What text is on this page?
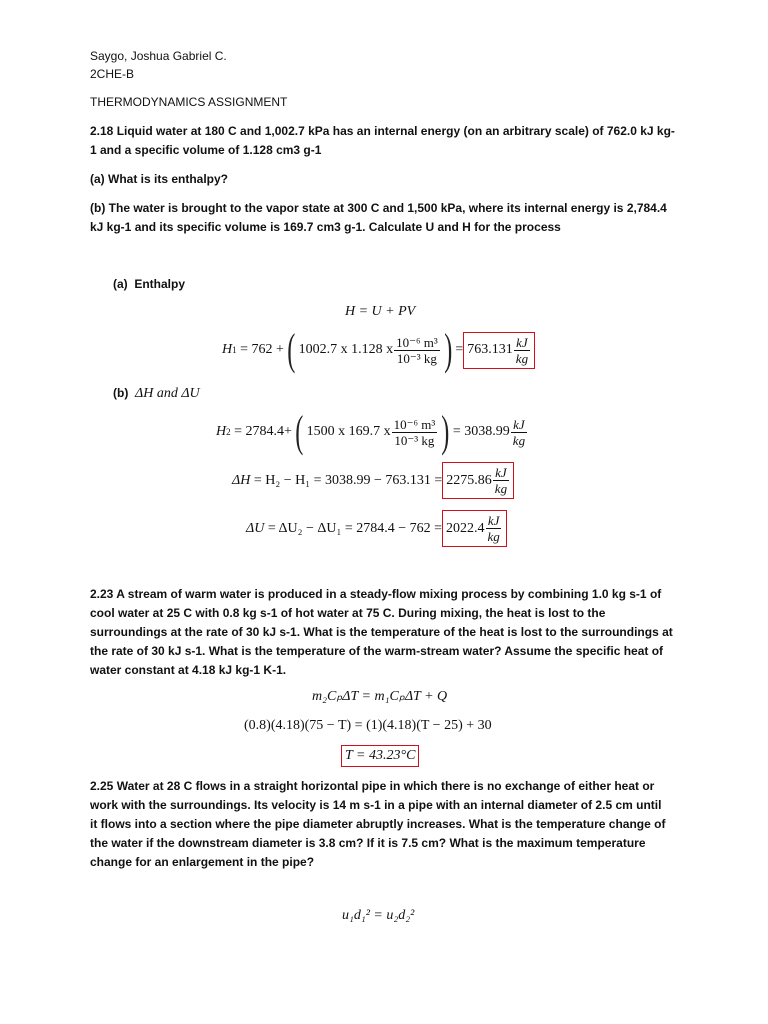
Saygo, Joshua Gabriel C.

2CHE-B

THERMODYNAMICS ASSIGNMENT

2.18 Liquid water at 180 C and 1,002.7 kPa has an internal energy (on an arbitrary scale) of 762.0 kJ kg-

1 and a specific volume of 1.128 cm3 g-1

(a) What is its enthalpy?

(b) The water is brought to the vapor state at 300 C and 1,500 kPa, where its internal energy is 2,784.4

kJ kg-1 and its specific volume is 169.7 cm3 g-1. Calculate U and H for the process

(a) Enthalpy

H = U + PV
H 1
= 762 + ( 1002.7 x 1.128 x $\frac{\text{10⁻⁶ m³}}{\text{10⁻³ kg}}$ ) = $763.131 \frac{kJ}{kg}$

(b) ΔH and ΔU

H 2
= 2784.4+ ( 1500 x 169.7 x $\frac{\text{10⁻⁶ m³}}{\text{10⁻³ kg}}$ ) = $3038.99 \frac{kJ}{kg}$
ΔH
= $H_2 - H_1 = 3038.99 - 763.131 = 2275.86 \frac{kJ}{kg}$
ΔU
= $\Delta U_2 - \Delta U_1 = 2784.4 - 762 = 2022.4 \frac{kJ}{kg}$

2.23 A stream of warm water is produced in a steady-flow mixing process by combining 1.0 kg s-1 of

cool water at 25 C with 0.8 kg s-1 of hot water at 75 C. During mixing, the heat is lost to the

surroundings at the rate of 30 kJ s-1. What is the temperature of the heat is lost to the surroundings at

the rate of 30 kJ s-1. What is the temperature of the warm-stream water? Assume the specific heat of

water constant at 4.18 kJ kg-1 K-1.

m₂CₚΔT = m₁CₚΔT + Q
(0.8)(4.18)(75 − T) = (1)(4.18)(T − 25) + 30
T = 43.23°C

2.25 Water at 28 C flows in a straight horizontal pipe in which there is no exchange of either heat or

work with the surroundings. Its velocity is 14 m s-1 in a pipe with an internal diameter of 2.5 cm until

it flows into a section where the pipe diameter abruptly increases. What is the temperature change of

the water if the downstream diameter is 3.8 cm? If it is 7.5 cm? What is the maximum temperature

change for an enlargement in the pipe?

u₁d₁² = u₂d₂²
